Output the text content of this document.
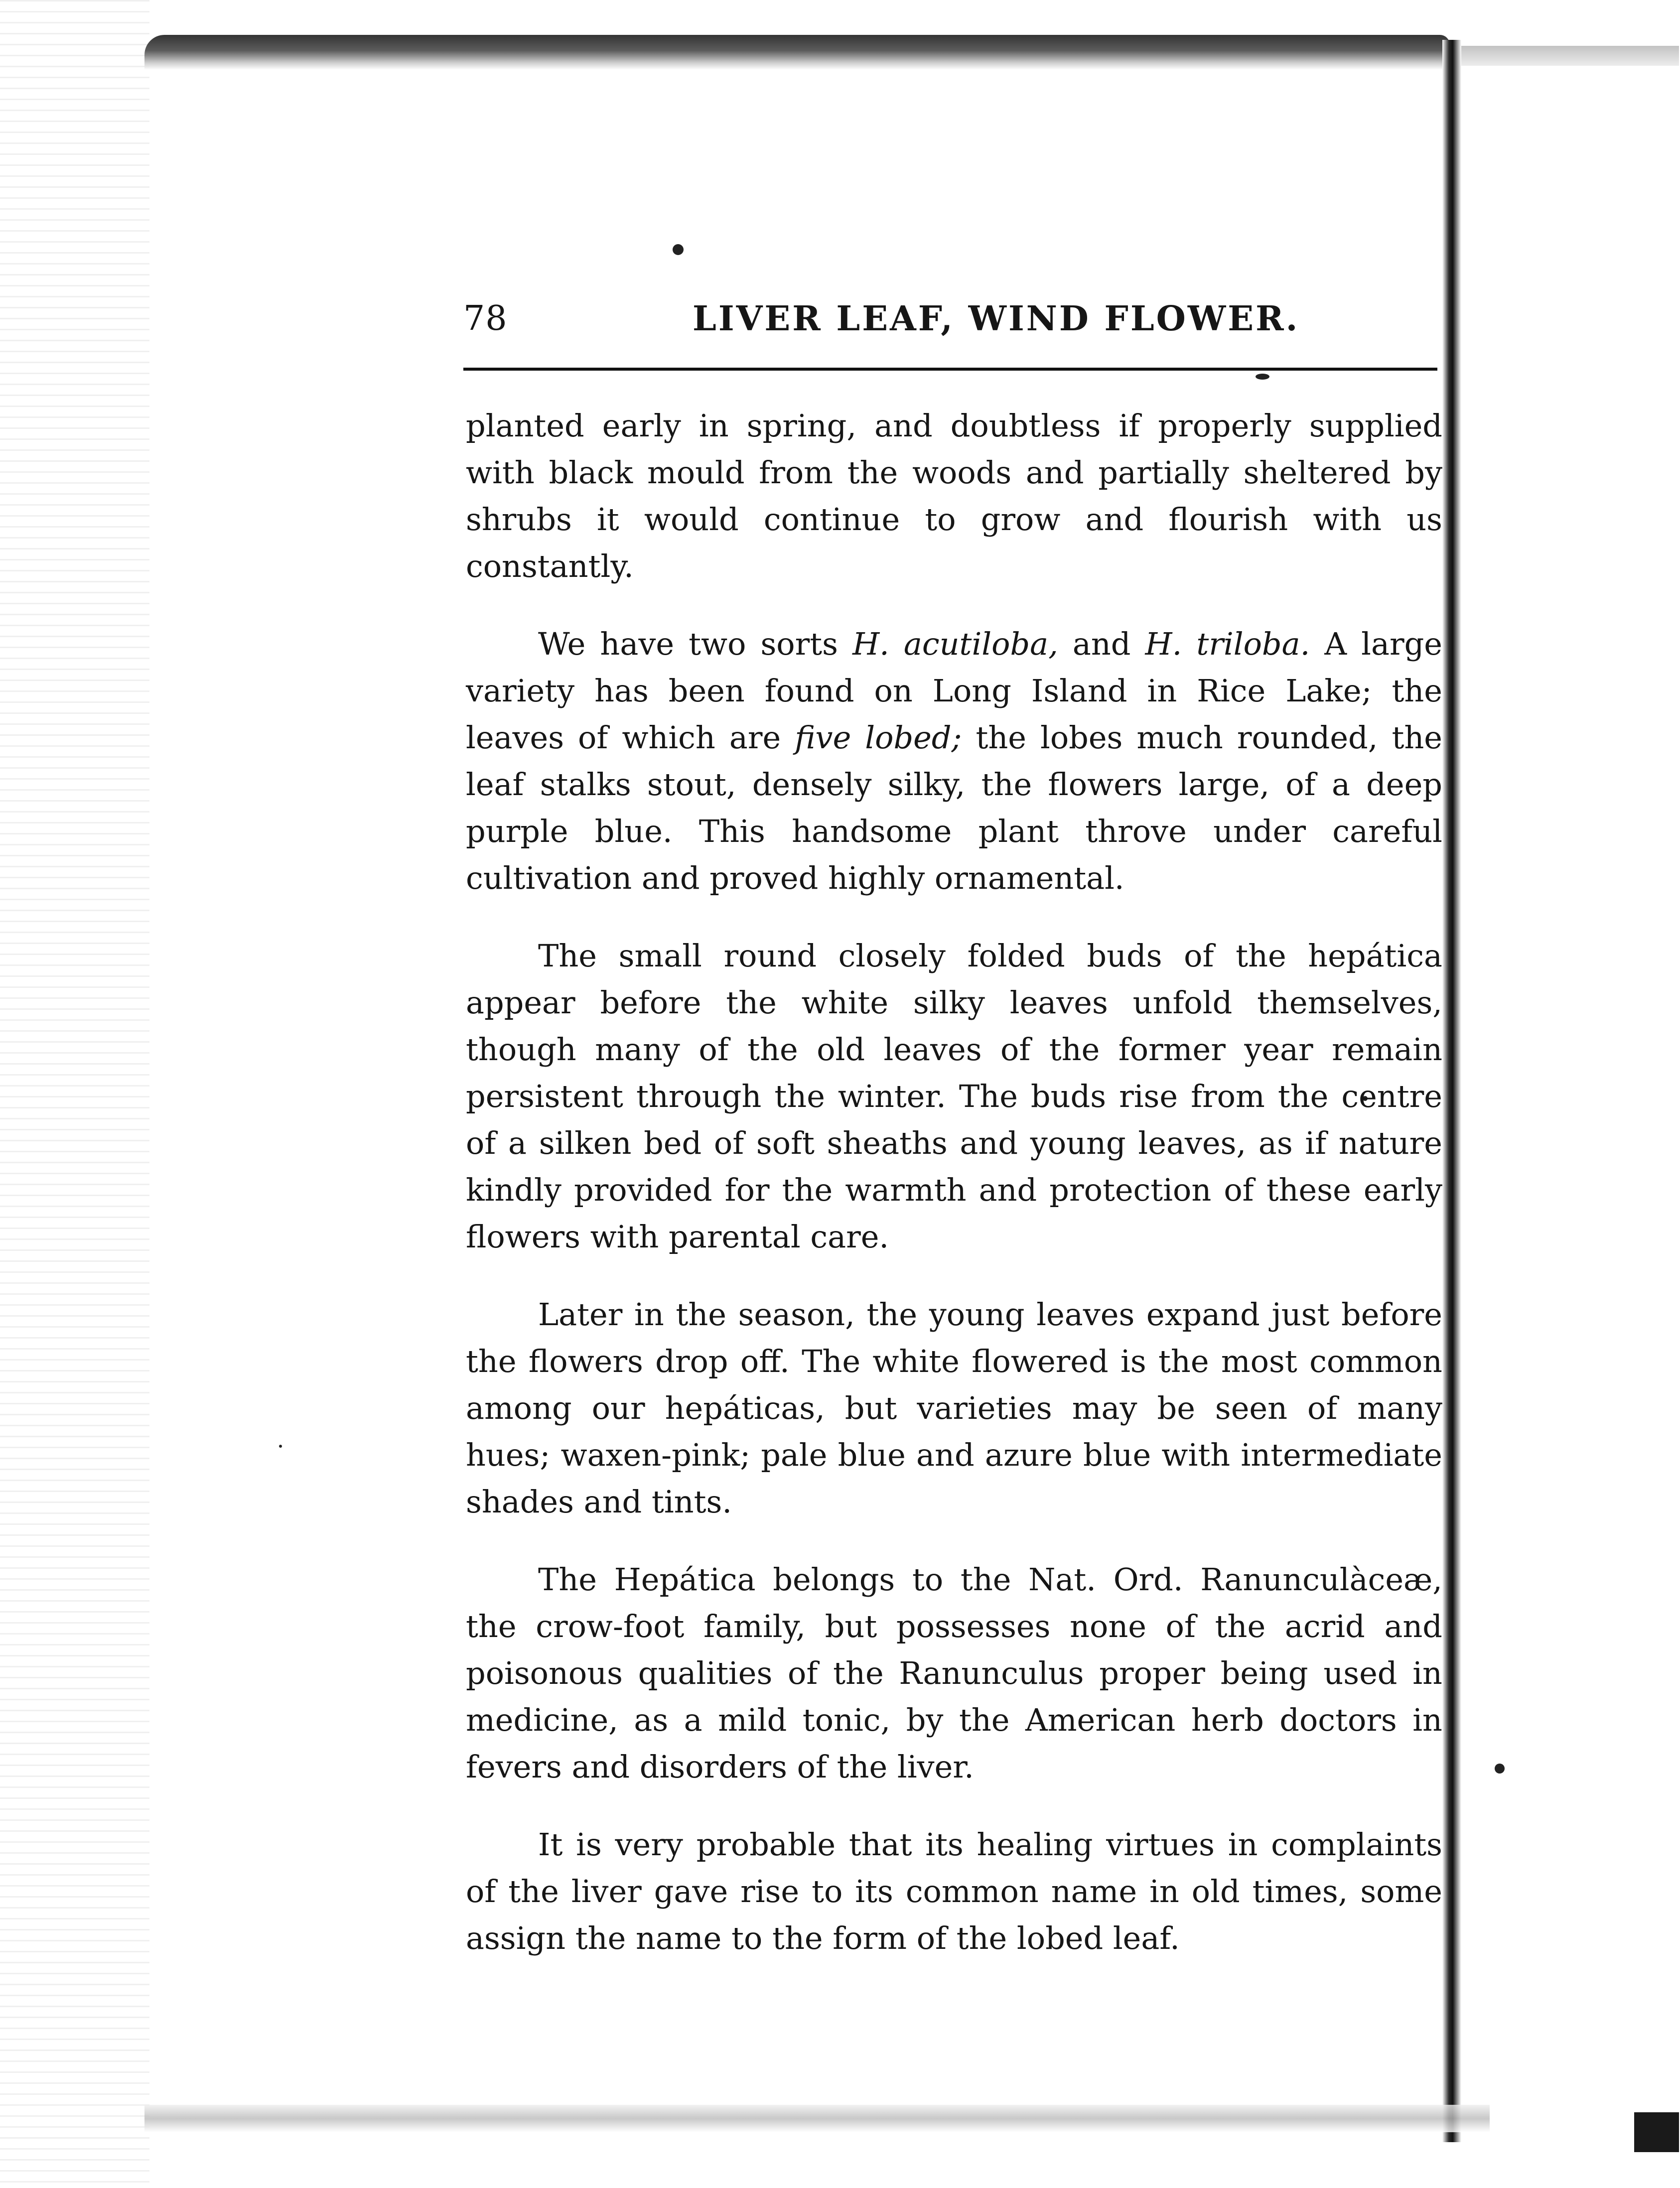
78	LIVER LEAF, WIND FLOWER.

planted early in spring, and doubtless if properly supplied with black mould from the woods and partially sheltered by shrubs it would continue to grow and flourish with us constantly.

We have two sorts H. acutiloba, and H. triloba. A large variety has been found on Long Island in Rice Lake; the leaves of which are five lobed; the lobes much rounded, the leaf stalks stout, densely silky, the flowers large, of a deep purple blue. This handsome plant throve under careful cultivation and proved highly ornamental.

The small round closely folded buds of the hepática appear before the white silky leaves unfold themselves, though many of the old leaves of the former year remain persistent through the winter. The buds rise from the centre of a silken bed of soft sheaths and young leaves, as if nature kindly provided for the warmth and protection of these early flowers with parental care.

Later in the season, the young leaves expand just before the flowers drop off. The white flowered is the most common among our hepáticas, but varieties may be seen of many hues; waxen-pink; pale blue and azure blue with intermediate shades and tints.

The Hepática belongs to the Nat. Ord. Ranunculàceæ, the crow-foot family, but possesses none of the acrid and poisonous qualities of the Ranunculus proper being used in medicine, as a mild tonic, by the American herb doctors in fevers and disorders of the liver.

It is very probable that its healing virtues in complaints of the liver gave rise to its common name in old times, some assign the name to the form of the lobed leaf.
